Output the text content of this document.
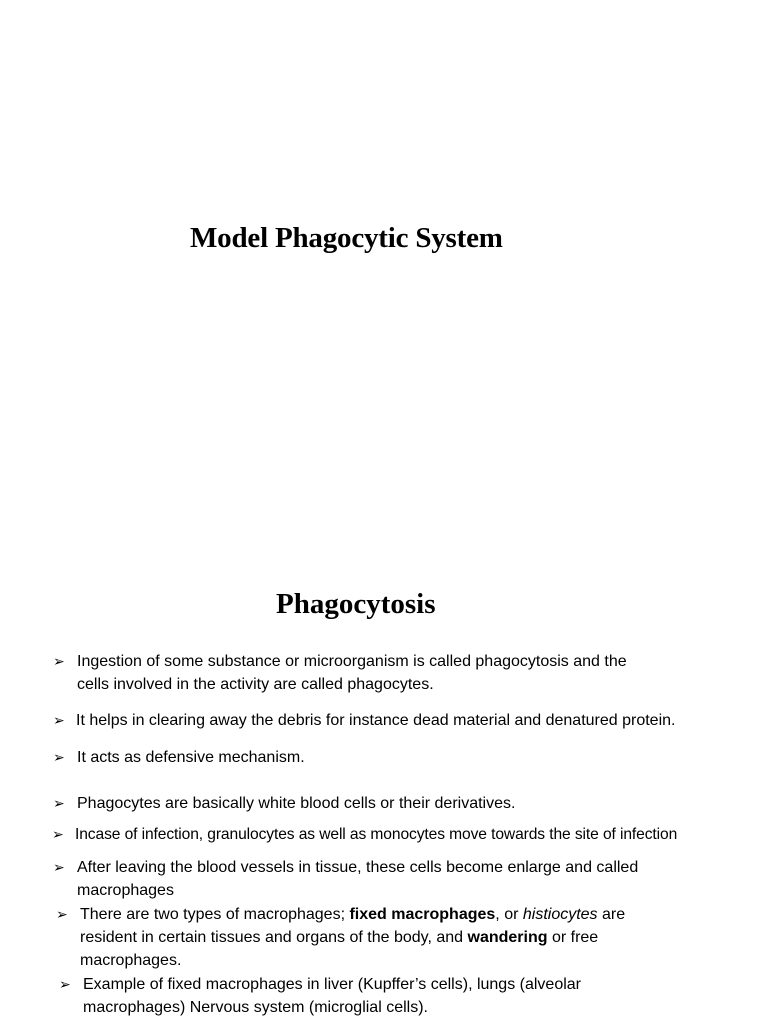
Model Phagocytic System
Phagocytosis
➢ Ingestion of some substance or microorganism is called phagocytosis and the
cells involved in the activity are called phagocytes.
➢ It helps in clearing away the debris for instance dead material and denatured protein.
➢ It acts as defensive mechanism.
➢ Phagocytes are basically white blood cells or their derivatives.
➢ Incase of infection, granulocytes as well as monocytes move towards the site of infection
➢ After leaving the blood vessels in tissue, these cells become enlarge and called
macrophages
➢ There are two types of macrophages; fixed macrophages, or histiocytes are
resident in certain tissues and organs of the body, and wandering or free
macrophages.
➢ Example of fixed macrophages in liver (Kupffer’s cells), lungs (alveolar
macrophages) Nervous system (microglial cells).
